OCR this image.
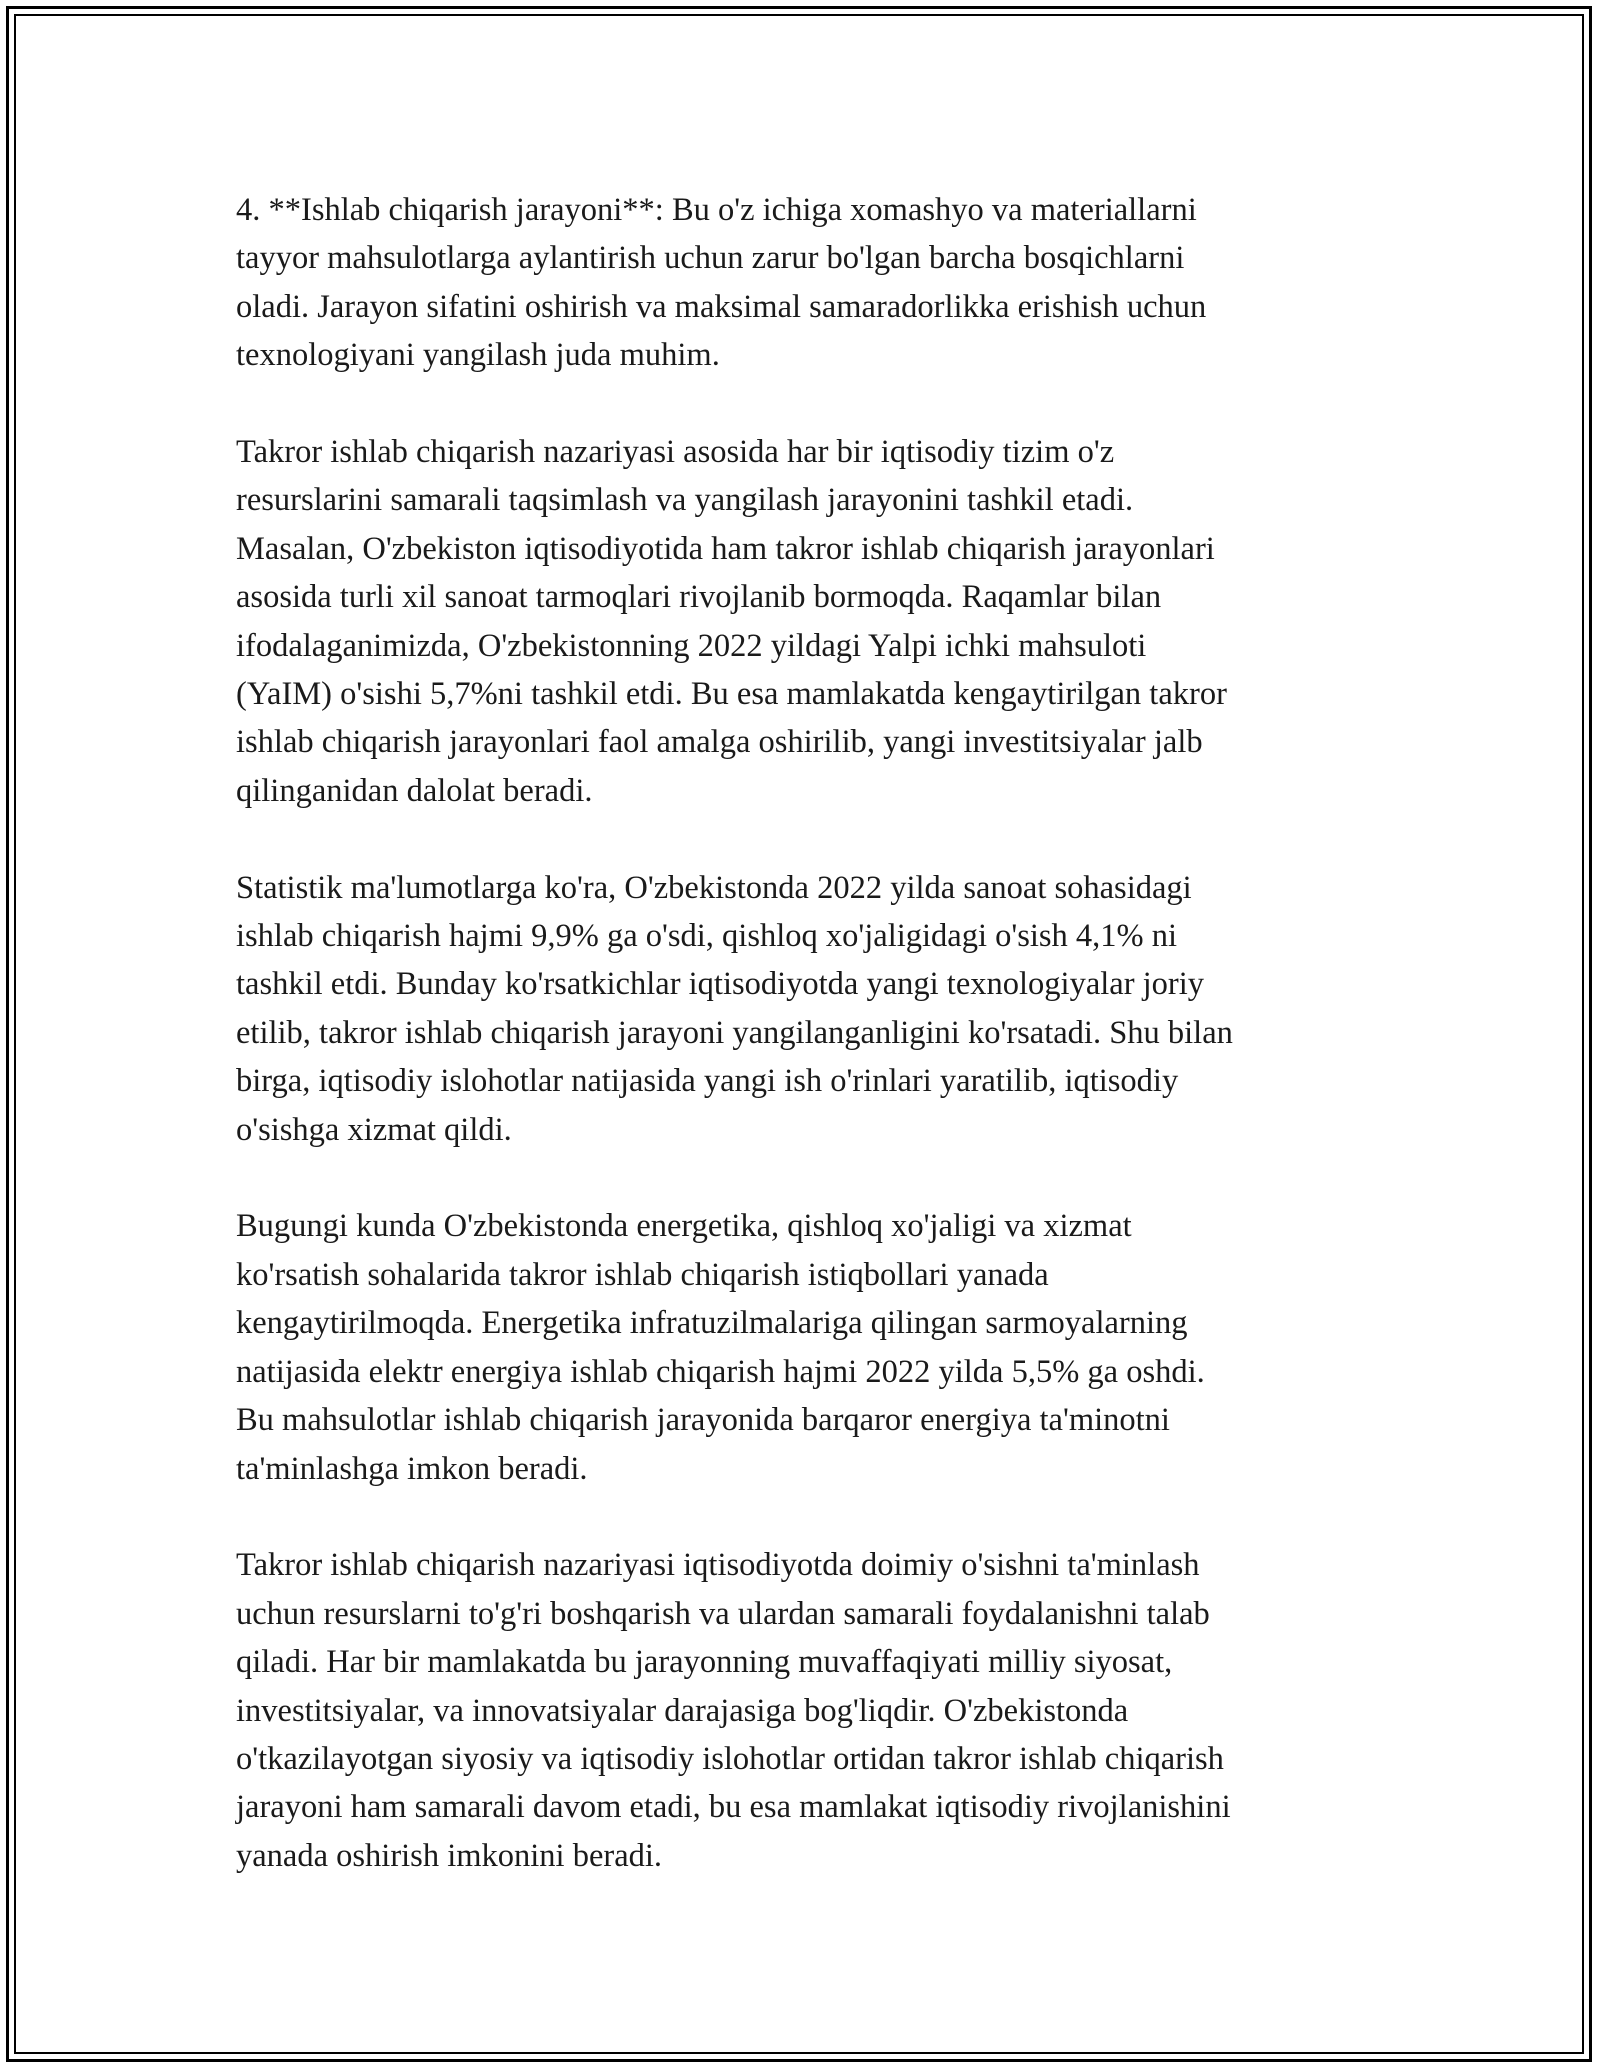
4. **Ishlab chiqarish jarayoni**: Bu o'z ichiga xomashyo va materiallarni
tayyor mahsulotlarga aylantirish uchun zarur bo'lgan barcha bosqichlarni
oladi. Jarayon sifatini oshirish va maksimal samaradorlikka erishish uchun
texnologiyani yangilash juda muhim.

Takror ishlab chiqarish nazariyasi asosida har bir iqtisodiy tizim o'z
resurslarini samarali taqsimlash va yangilash jarayonini tashkil etadi.
Masalan, O'zbekiston iqtisodiyotida ham takror ishlab chiqarish jarayonlari
asosida turli xil sanoat tarmoqlari rivojlanib bormoqda. Raqamlar bilan
ifodalaganimizda, O'zbekistonning 2022 yildagi Yalpi ichki mahsuloti
(YaIM) o'sishi 5,7%ni tashkil etdi. Bu esa mamlakatda kengaytirilgan takror
ishlab chiqarish jarayonlari faol amalga oshirilib, yangi investitsiyalar jalb
qilinganidan dalolat beradi.

Statistik ma'lumotlarga ko'ra, O'zbekistonda 2022 yilda sanoat sohasidagi
ishlab chiqarish hajmi 9,9% ga o'sdi, qishloq xo'jaligidagi o'sish 4,1% ni
tashkil etdi. Bunday ko'rsatkichlar iqtisodiyotda yangi texnologiyalar joriy
etilib, takror ishlab chiqarish jarayoni yangilanganligini ko'rsatadi. Shu bilan
birga, iqtisodiy islohotlar natijasida yangi ish o'rinlari yaratilib, iqtisodiy
o'sishga xizmat qildi.

Bugungi kunda O'zbekistonda energetika, qishloq xo'jaligi va xizmat
ko'rsatish sohalarida takror ishlab chiqarish istiqbollari yanada
kengaytirilmoqda. Energetika infratuzilmalariga qilingan sarmoyalarning
natijasida elektr energiya ishlab chiqarish hajmi 2022 yilda 5,5% ga oshdi.
Bu mahsulotlar ishlab chiqarish jarayonida barqaror energiya ta'minotni
ta'minlashga imkon beradi.

Takror ishlab chiqarish nazariyasi iqtisodiyotda doimiy o'sishni ta'minlash
uchun resurslarni to'g'ri boshqarish va ulardan samarali foydalanishni talab
qiladi. Har bir mamlakatda bu jarayonning muvaffaqiyati milliy siyosat,
investitsiyalar, va innovatsiyalar darajasiga bog'liqdir. O'zbekistonda
o'tkazilayotgan siyosiy va iqtisodiy islohotlar ortidan takror ishlab chiqarish
jarayoni ham samarali davom etadi, bu esa mamlakat iqtisodiy rivojlanishini
yanada oshirish imkonini beradi.
